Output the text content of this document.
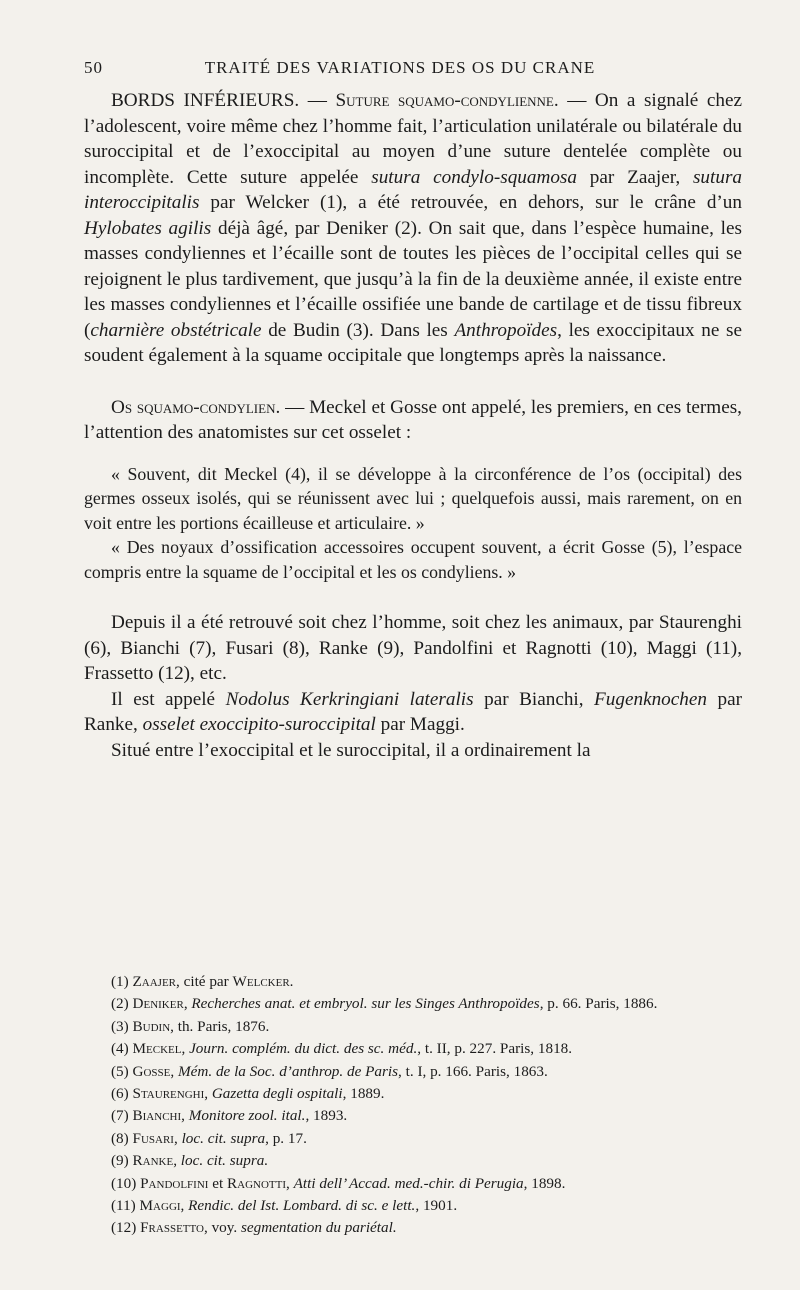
50	TRAITÉ DES VARIATIONS DES OS DU CRANE

BORDS INFÉRIEURS. — Suture squamo-condylienne. — On a signalé chez l’adolescent, voire même chez l’homme fait, l’articulation unilatérale ou bilatérale du suroccipital et de l’exoccipital au moyen d’une suture dentelée complète ou incomplète. Cette suture appelée sutura condylo-squamosa par Zaajer, sutura interoccipitalis par Welcker (1), a été retrouvée, en dehors, sur le crâne d’un Hylobates agilis déjà âgé, par Deniker (2). On sait que, dans l’espèce humaine, les masses condyliennes et l’écaille sont de toutes les pièces de l’occipital celles qui se rejoignent le plus tardivement, que jusqu’à la fin de la deuxième année, il existe entre les masses condyliennes et l’écaille ossifiée une bande de cartilage et de tissu fibreux (charnière obstétricale de Budin (3). Dans les Anthropoïdes, les exoccipitaux ne se soudent également à la squame occipitale que longtemps après la naissance.

Os squamo-condylien. — Meckel et Gosse ont appelé, les premiers, en ces termes, l’attention des anatomistes sur cet osselet :

« Souvent, dit Meckel (4), il se développe à la circonférence de l’os (occipital) des germes osseux isolés, qui se réunissent avec lui ; quelquefois aussi, mais rarement, on en voit entre les portions écailleuse et articulaire. »

« Des noyaux d’ossification accessoires occupent souvent, a écrit Gosse (5), l’espace compris entre la squame de l’occipital et les os condyliens. »

Depuis il a été retrouvé soit chez l’homme, soit chez les animaux, par Staurenghi (6), Bianchi (7), Fusari (8), Ranke (9), Pandolfini et Ragnotti (10), Maggi (11), Frassetto (12), etc.

Il est appelé Nodolus Kerkringiani lateralis par Bianchi, Fugenknochen par Ranke, osselet exoccipito-suroccipital par Maggi.

Situé entre l’exoccipital et le suroccipital, il a ordinairement la

(1) Zaajer, cité par Welcker.
(2) Deniker, Recherches anat. et embryol. sur les Singes Anthropoïdes, p. 66. Paris, 1886.
(3) Budin, th. Paris, 1876.
(4) Meckel, Journ. complém. du dict. des sc. méd., t. II, p. 227. Paris, 1818.
(5) Gosse, Mém. de la Soc. d’anthrop. de Paris, t. I, p. 166. Paris, 1863.
(6) Staurenghi, Gazetta degli ospitali, 1889.
(7) Bianchi, Monitore zool. ital., 1893.
(8) Fusari, loc. cit. supra, p. 17.
(9) Ranke, loc. cit. supra.
(10) Pandolfini et Ragnotti, Atti dell’ Accad. med.-chir. di Perugia, 1898.
(11) Maggi, Rendic. del Ist. Lombard. di sc. e lett., 1901.
(12) Frassetto, voy. segmentation du pariétal.
